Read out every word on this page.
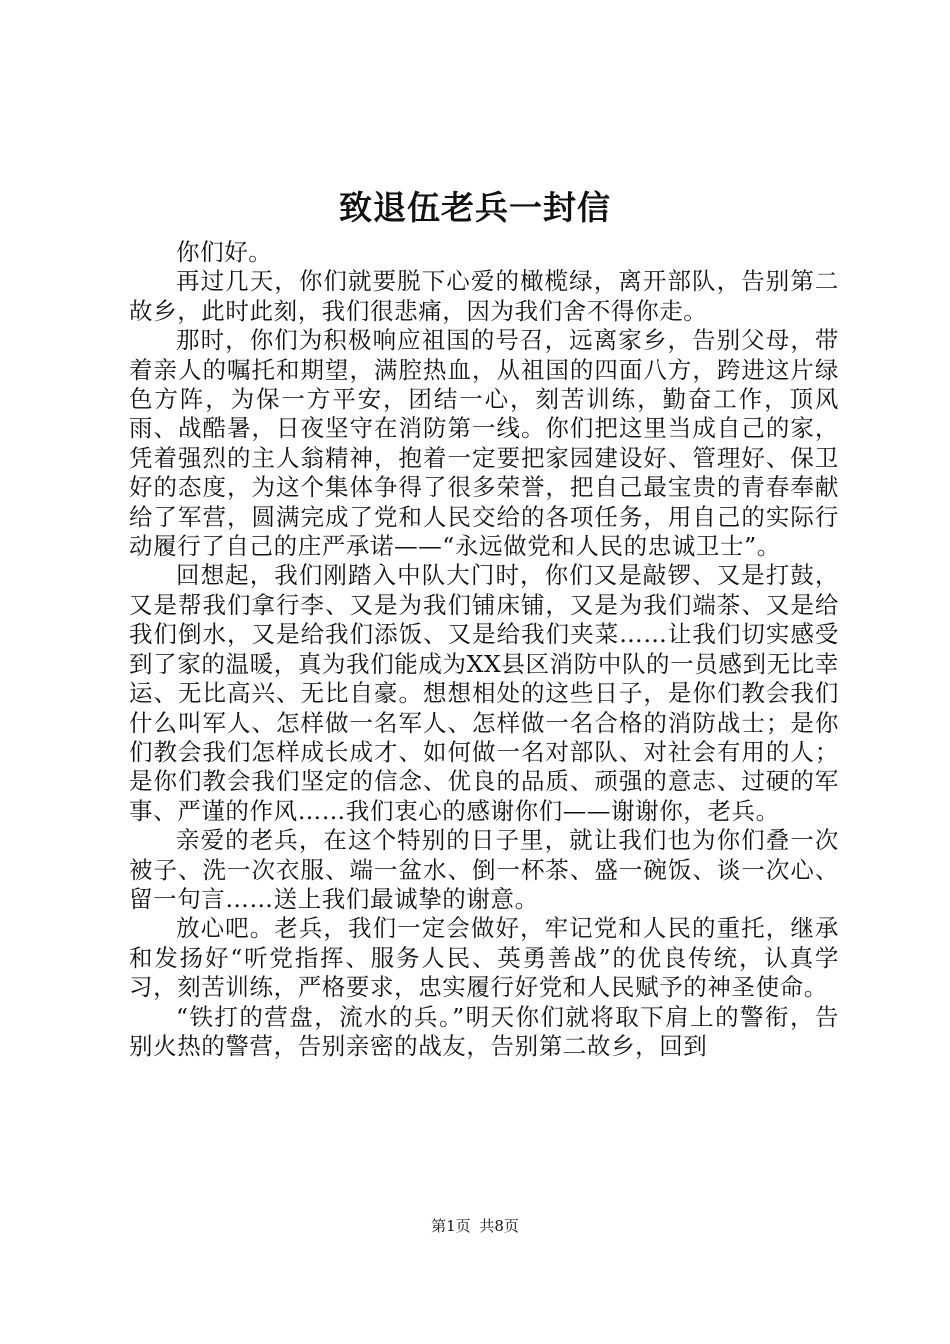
致退伍老兵一封信

你们好。

再过几天，你们就要脱下心爱的橄榄绿，离开部队，告别第二故乡，此时此刻，我们很悲痛，因为我们舍不得你走。

那时，你们为积极响应祖国的号召，远离家乡，告别父母，带着亲人的嘱托和期望，满腔热血，从祖国的四面八方，跨进这片绿色方阵，为保一方平安，团结一心，刻苦训练，勤奋工作，顶风雨、战酷暑，日夜坚守在消防第一线。你们把这里当成自己的家，凭着强烈的主人翁精神，抱着一定要把家园建设好、管理好、保卫好的态度，为这个集体争得了很多荣誉，把自己最宝贵的青春奉献给了军营，圆满完成了党和人民交给的各项任务，用自己的实际行动履行了自己的庄严承诺——“永远做党和人民的忠诚卫士”。

回想起，我们刚踏入中队大门时，你们又是敲锣、又是打鼓，又是帮我们拿行李、又是为我们铺床铺，又是为我们端茶、又是给我们倒水，又是给我们添饭、又是给我们夹菜……让我们切实感受到了家的温暖，真为我们能成为XX县区消防中队的一员感到无比幸运、无比高兴、无比自豪。想想相处的这些日子，是你们教会我们什么叫军人、怎样做一名军人、怎样做一名合格的消防战士；是你们教会我们怎样成长成才、如何做一名对部队、对社会有用的人；是你们教会我们坚定的信念、优良的品质、顽强的意志、过硬的军事、严谨的作风……我们衷心的感谢你们——谢谢你，老兵。

亲爱的老兵，在这个特别的日子里，就让我们也为你们叠一次被子、洗一次衣服、端一盆水、倒一杯茶、盛一碗饭、谈一次心、留一句言……送上我们最诚挚的谢意。

放心吧。老兵，我们一定会做好，牢记党和人民的重托，继承和发扬好“听党指挥、服务人民、英勇善战”的优良传统，认真学习，刻苦训练，严格要求，忠实履行好党和人民赋予的神圣使命。

“铁打的营盘，流水的兵。”明天你们就将取下肩上的警衔，告别火热的警营，告别亲密的战友，告别第二故乡，回到

第1页 共8页
